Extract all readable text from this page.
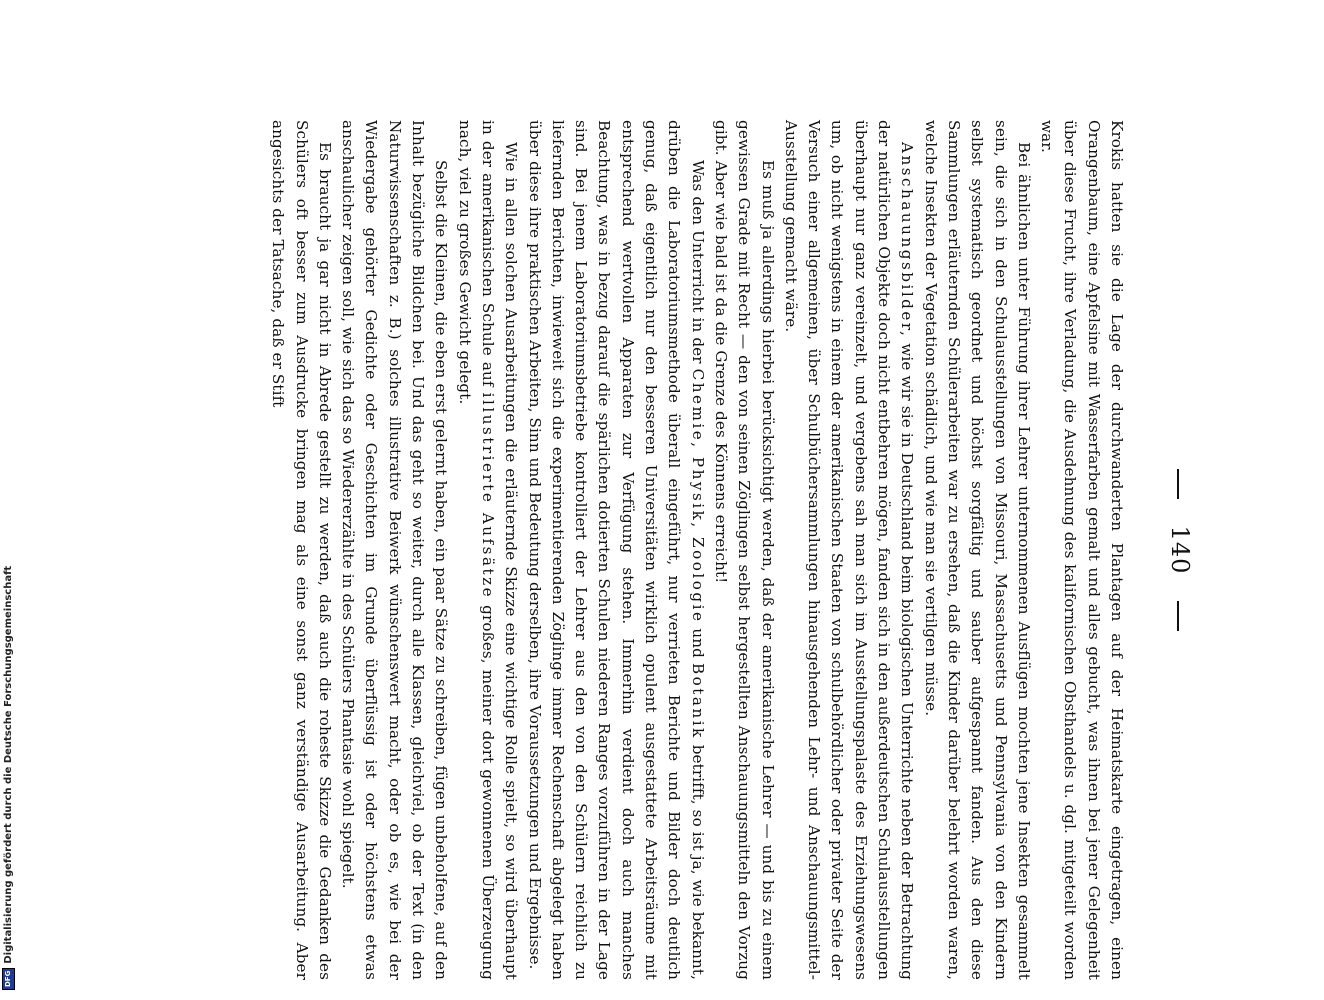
140

Krokis hatten sie die Lage der durchwanderten Plantagen auf der Heimatskarte eingetragen, einen Orangenbaum, eine Apfelsine mit Wasserfarben gemalt und alles gebucht, was ihnen bei jener Gelegenheit über diese Frucht, ihre Verladung, die Ausdehnung des kalifornischen Obsthandels u. dgl. mitgeteilt worden war.

Bei ähnlichen unter Führung ihrer Lehrer unternommenen Ausflügen mochten jene Insekten gesammelt sein, die sich in den Schulausstellungen von Missouri, Massachusetts und Pennsylvania von den Kindern selbst systematisch geordnet und höchst sorgfältig und sauber aufgespannt fanden. Aus den diese Sammlungen erläuternden Schülerarbeiten war zu ersehen, daß die Kinder darüber belehrt worden waren, welche Insekten der Vegetation schädlich, und wie man sie vertilgen müsse.

Anschauungsbilder, wie wir sie in Deutschland beim biologischen Unterrichte neben der Betrachtung der natürlichen Objekte doch nicht entbehren mögen, fanden sich in den außerdeutschen Schulausstellungen überhaupt nur ganz vereinzelt, und vergebens sah man sich im Ausstellungspalaste des Erziehungswesens um, ob nicht wenigstens in einem der amerikanischen Staaten von schulbehördlicher oder privater Seite der Versuch einer allgemeinen, über Schulbüchersammlungen hinausgehenden Lehr- und Anschauungsmittel-Ausstellung gemacht wäre.

Es muß ja allerdings hierbei berücksichtigt werden, daß der amerikanische Lehrer — und bis zu einem gewissen Grade mit Recht — den von seinen Zöglingen selbst hergestellten Anschauungsmitteln den Vorzug gibt. Aber wie bald ist da die Grenze des Könnens erreicht!

Was den Unterricht in der Chemie, Physik, Zoologie und Botanik betrifft, so ist ja, wie bekannt, drüben die Laboratoriumsmethode überall eingeführt, nur verrieten Berichte und Bilder doch deutlich genug, daß eigentlich nur den besseren Universitäten wirklich opulent ausgestattete Arbeitsräume mit entsprechend wertvollen Apparaten zur Verfügung stehen. Immerhin verdient doch auch manches Beachtung, was in bezug darauf die spärlichen dotierten Schulen niederen Ranges vorzuführen in der Lage sind. Bei jenem Laboratoriumsbetriebe kontrolliert der Lehrer aus den von den Schülern reichlich zu liefernden Berichten, inwieweit sich die experimentierenden Zöglinge immer Rechenschaft abgelegt haben über diese ihre praktischen Arbeiten, Sinn und Bedeutung derselben, ihre Voraussetzungen und Ergebnisse.

Wie in allen solchen Ausarbeitungen die erläuternde Skizze eine wichtige Rolle spielt, so wird überhaupt in der amerikanischen Schule auf illustrierte Aufsätze großes, meiner dort gewonnenen Überzeugung nach, viel zu großes Gewicht gelegt.

Selbst die Kleinen, die eben erst gelernt haben, ein paar Sätze zu schreiben, fügen unbeholfene, auf den Inhalt bezügliche Bildchen bei. Und das geht so weiter, durch alle Klassen, gleichviel, ob der Text (in den Naturwissenschaften z. B.) solches illustrative Beiwerk wünschenswert macht, oder ob es, wie bei der Wiedergabe gehörter Gedichte oder Geschichten im Grunde überflüssig ist oder höchstens etwas anschaulicher zeigen soll, wie sich das so Wiedererzählte in des Schülers Phantasie wohl spiegelt.

Es braucht ja gar nicht in Abrede gestellt zu werden, daß auch die roheste Skizze die Gedanken des Schülers oft besser zum Ausdrucke bringen mag als eine sonst ganz verständige Ausarbeitung. Aber angesichts der Tatsache, daß er Stift

DFG
Digitalisierung gefördert durch die Deutsche Forschungsgemeinschaft
